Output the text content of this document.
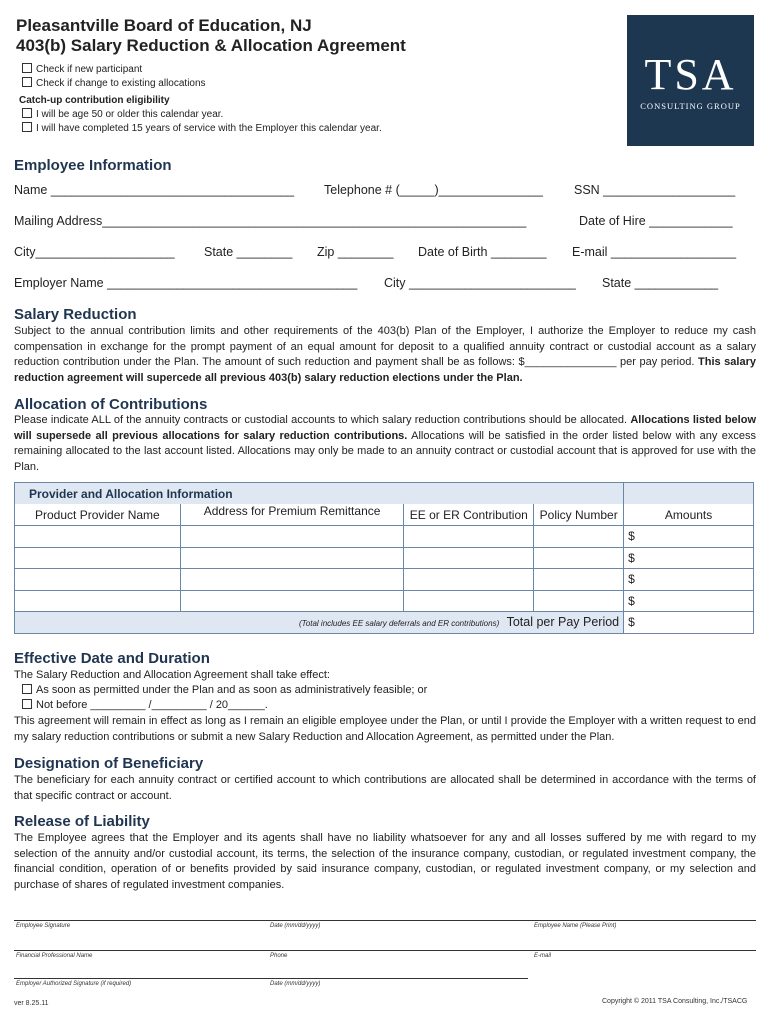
Pleasantville Board of Education, NJ
403(b) Salary Reduction & Allocation Agreement
Check if new participant
Check if change to existing allocations
Catch-up contribution eligibility
I will be age 50 or older this calendar year.
I will have completed 15 years of service with the Employer this calendar year.
TSA
CONSULTING GROUP
Employee Information
Name ___________________________________ Telephone # (_____)_______________ SSN ___________________
Mailing Address_____________________________________________________________	Date of Hire ____________
City____________________ State ________ Zip ________ Date of Birth ________ E-mail __________________
Employer Name ____________________________________ City ________________________ State ____________
Salary Reduction
Subject to the annual contribution limits and other requirements of the 403(b) Plan of the Employer, I authorize the Employer to reduce my cash compensation in exchange for the prompt payment of an equal amount for deposit to a qualified annuity contract or custodial account as a salary reduction contribution under the Plan. The amount of such reduction and payment shall be as follows: $_______________ per pay period. This salary reduction agreement will supercede all previous 403(b) salary reduction elections under the Plan.
Allocation of Contributions
Please indicate ALL of the annuity contracts or custodial accounts to which salary reduction contributions should be allocated. Allocations listed below will supersede all previous allocations for salary reduction contributions. Allocations will be satisfied in the order listed below with any excess remaining allocated to the last account listed. Allocations may only be made to an annuity contract or custodial account that is approved for use with the Plan.
Provider and Allocation Information				
Product Provider Name	Address for Premium Remittance	EE or ER Contribution	Policy Number	Amounts
				$
				$
				$
				$
(Total includes EE salary deferrals and ER contributions) Total per Pay Period				$
Effective Date and Duration
The Salary Reduction and Allocation Agreement shall take effect:
As soon as permitted under the Plan and as soon as administratively feasible; or
Not before _________ /_________ / 20______.
This agreement will remain in effect as long as I remain an eligible employee under the Plan, or until I provide the Employer with a written request to end my salary reduction contributions or submit a new Salary Reduction and Allocation Agreement, as permitted under the Plan.
Designation of Beneficiary
The beneficiary for each annuity contract or certified account to which contributions are allocated shall be determined in accordance with the terms of that specific contract or account.
Release of Liability
The Employee agrees that the Employer and its agents shall have no liability whatsoever for any and all losses suffered by me with regard to my selection of the annuity and/or custodial account, its terms, the selection of the insurance company, custodian, or regulated investment company, the financial condition, operation of or benefits provided by said insurance company, custodian, or regulated investment company, or my selection and purchase of shares of regulated investment companies.
Employee Signature	Date (mm/dd/yyyy)	Employee Name (Please Print)
Financial Professional Name	Phone	E-mail
Employer Authorized Signature (if required)	Date (mm/dd/yyyy)
ver 8.25.11	Copyright © 2011 TSA Consulting, Inc./TSACG
